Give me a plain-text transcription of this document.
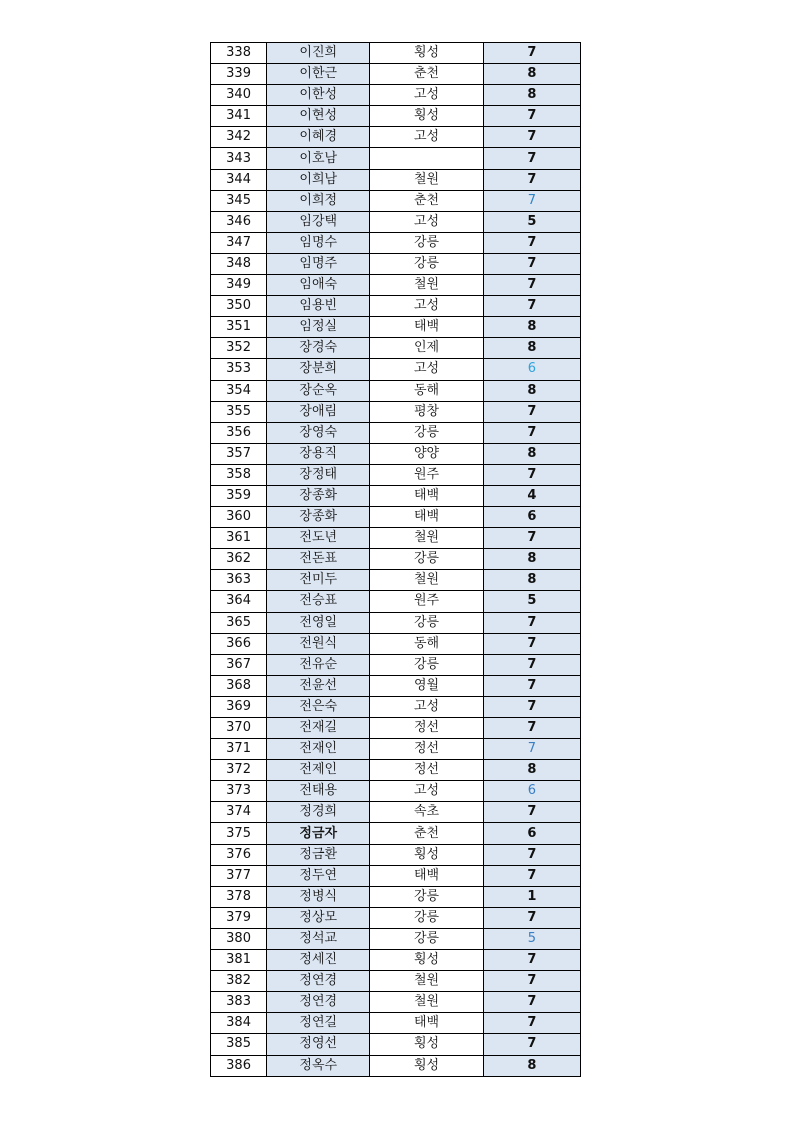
338	이진희	횡성	7
339	이한근	춘천	8
340	이한성	고성	8
341	이현성	횡성	7
342	이혜경	고성	7
343	이호남		7
344	이희남	철원	7
345	이희정	춘천	7
346	임강택	고성	5
347	임명수	강릉	7
348	임명주	강릉	7
349	임애숙	철원	7
350	임용빈	고성	7
351	임정실	태백	8
352	장경숙	인제	8
353	장분희	고성	6
354	장순옥	동해	8
355	장애림	평창	7
356	장영숙	강릉	7
357	장용직	양양	8
358	장정태	원주	7
359	장종화	태백	4
360	장종화	태백	6
361	전도년	철원	7
362	전돈표	강릉	8
363	전미두	철원	8
364	전승표	원주	5
365	전영일	강릉	7
366	전원식	동해	7
367	전유순	강릉	7
368	전윤선	영월	7
369	전은숙	고성	7
370	전재길	정선	7
371	전재인	정선	7
372	전제인	정선	8
373	전태용	고성	6
374	정경희	속초	7
375	정금자	춘천	6
376	정금환	횡성	7
377	정두연	태백	7
378	정병식	강릉	1
379	정상모	강릉	7
380	정석교	강릉	5
381	정세진	횡성	7
382	정연경	철원	7
383	정연경	철원	7
384	정연길	태백	7
385	정영선	횡성	7
386	정옥수	횡성	8
